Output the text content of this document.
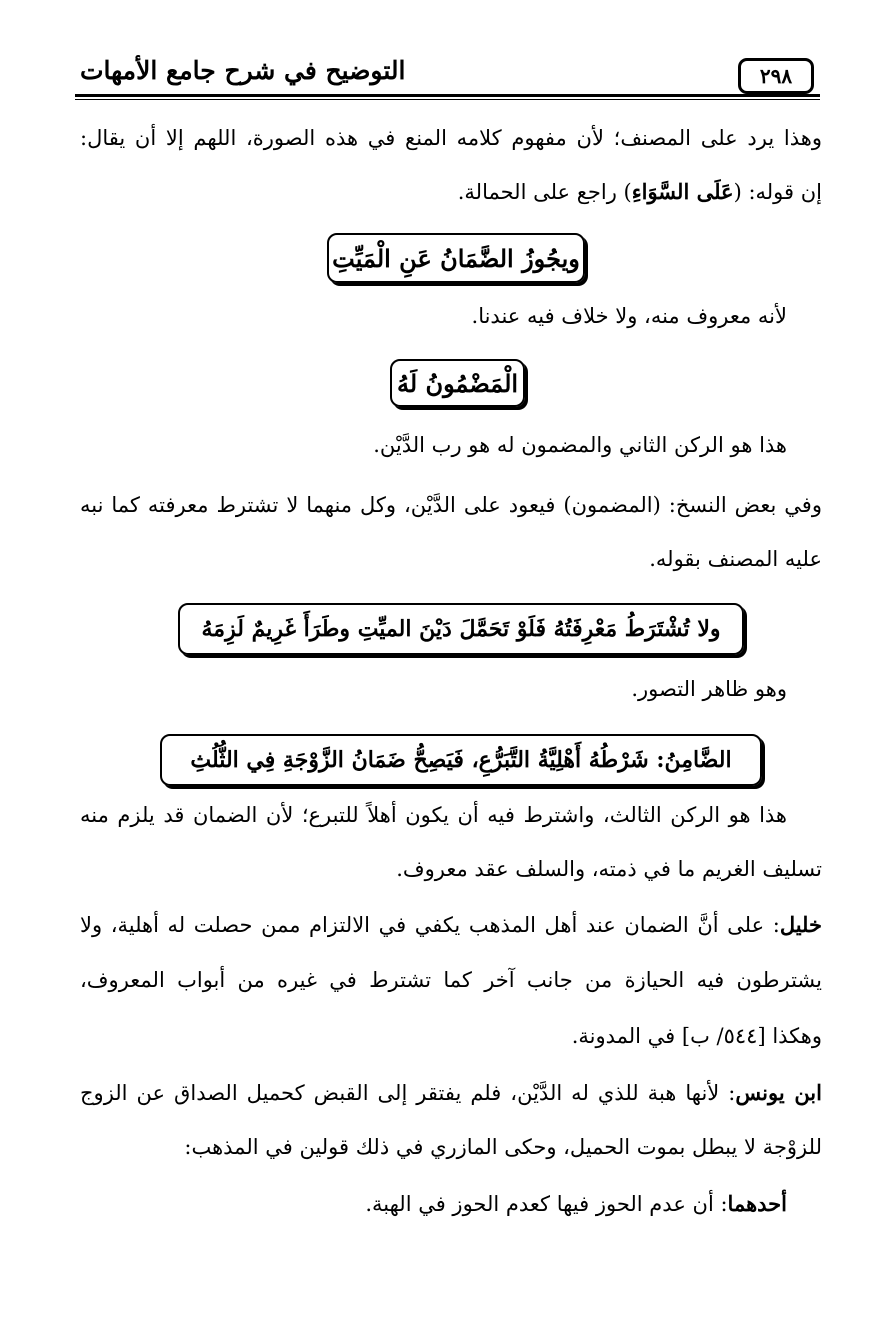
التوضيح في شرح جامع الأمهات	٢٩٨
وهذا يرد على المصنف؛ لأن مفهوم كلامه المنع في هذه الصورة، اللهم إلا أن يقال:
إن قوله: (عَلَى السَّوَاءِ) راجع على الحمالة.
ويجُوزُ الضَّمَانُ عَنِ الْمَيِّتِ
لأنه معروف منه، ولا خلاف فيه عندنا.
الْمَضْمُونُ لَهُ
هذا هو الركن الثاني والمضمون له هو رب الدَّيْن.
وفي بعض النسخ: (المضمون) فيعود على الدَّيْن، وكل منهما لا تشترط معرفته كما نبه
عليه المصنف بقوله.
ولا تُشْتَرَطُ مَعْرِفَتُهُ فَلَوْ تَحَمَّلَ دَيْنَ الميِّتِ وطَرَأَ غَرِيمٌ لَزِمَهُ
وهو ظاهر التصور.
الضَّامِنُ: شَرْطُهُ أَهْلِيَّةُ التَّبَرُّعِ، فَيَصِحُّ ضَمَانُ الزَّوْجَةِ فِي الثُّلُثِ
هذا هو الركن الثالث، واشترط فيه أن يكون أهلاً للتبرع؛ لأن الضمان قد يلزم منه
تسليف الغريم ما في ذمته، والسلف عقد معروف.
خليل: على أنَّ الضمان عند أهل المذهب يكفي في الالتزام ممن حصلت له أهلية، ولا
يشترطون فيه الحيازة من جانب آخر كما تشترط في غيره من أبواب المعروف،
وهكذا [٥٤٤/ ب] في المدونة.
ابن يونس: لأنها هبة للذي له الدَّيْن، فلم يفتقر إلى القبض كحميل الصداق عن الزوج
للزوْجة لا يبطل بموت الحميل، وحكى المازري في ذلك قولين في المذهب:
أحدهما: أن عدم الحوز فيها كعدم الحوز في الهبة.
